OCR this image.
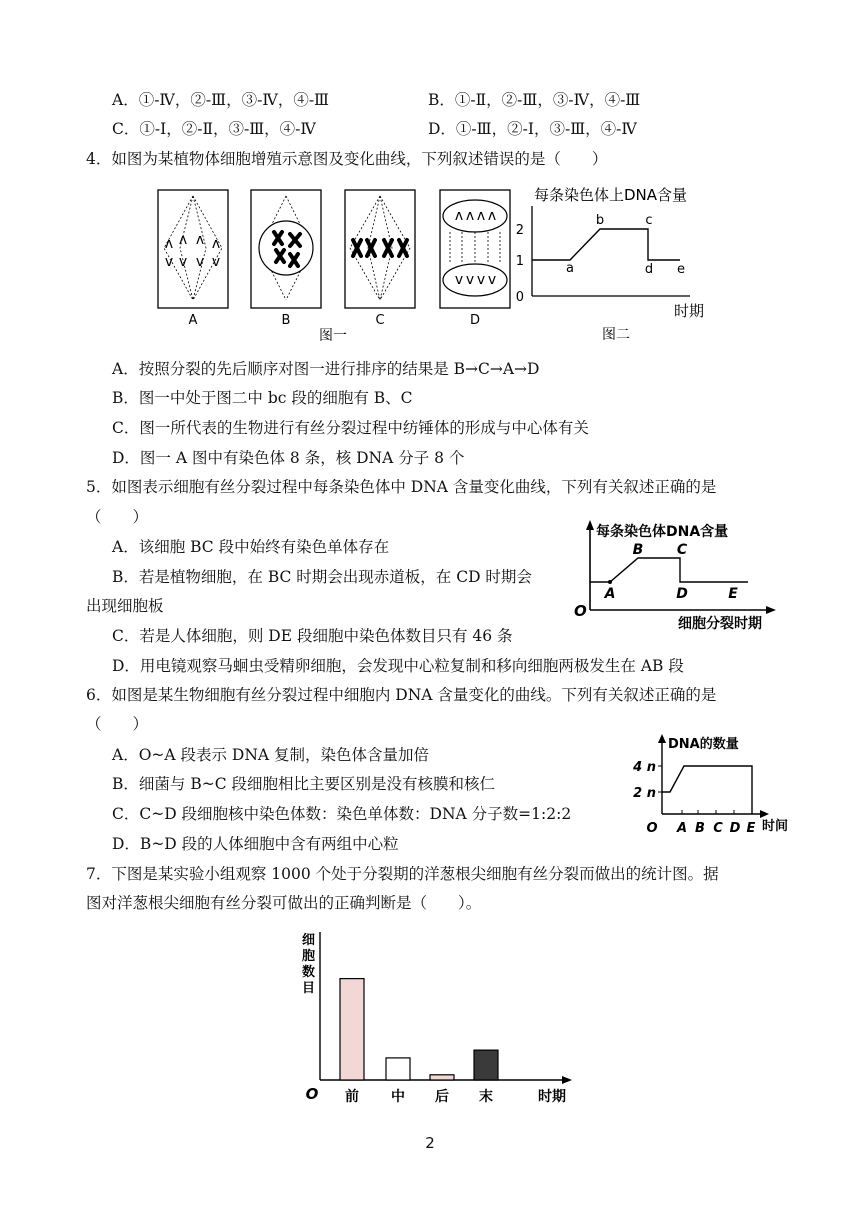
A．①-Ⅳ，②-Ⅲ，③-Ⅳ，④-Ⅲ	B．①-Ⅱ，②-Ⅲ，③-Ⅳ，④-Ⅲ
C．①-Ⅰ，②-Ⅱ，③-Ⅲ，④-Ⅳ	D．①-Ⅲ，②-Ⅰ，③-Ⅲ，④-Ⅳ
4．如图为某植物体细胞增殖示意图及变化曲线，下列叙述错误的是（　　）
ʌ ʌ ʌ ʌ
v v v v
ʌ ʌ ʌ ʌ
v v v v
A	B	C	D
图一
每条染色体上DNA含量
0
1
2
a
b	c
d e
时期
图二
A．按照分裂的先后顺序对图一进行排序的结果是 B→C→A→D
B．图一中处于图二中 bc 段的细胞有 B、C
C．图一所代表的生物进行有丝分裂过程中纺锤体的形成与中心体有关
D．图一 A 图中有染色体 8 条，核 DNA 分子 8 个
5．如图表示细胞有丝分裂过程中每条染色体中 DNA 含量变化曲线，下列有关叙述正确的是
（　　）
每条染色体DNA含量
O
A
B C
D	E
细胞分裂时期
A．该细胞 BC 段中始终有染色单体存在
B．若是植物细胞，在 BC 时期会出现赤道板，在 CD 时期会
出现细胞板
C．若是人体细胞，则 DE 段细胞中染色体数目只有 46 条
D．用电镜观察马蛔虫受精卵细胞，会发现中心粒复制和移向细胞两极发生在 AB 段
6．如图是某生物细胞有丝分裂过程中细胞内 DNA 含量变化的曲线。下列有关叙述正确的是
（　　）
DNA的数量
2 n
4 n
O A B C D E 时间
A．O~A 段表示 DNA 复制，染色体含量加倍
B．细菌与 B~C 段细胞相比主要区别是没有核膜和核仁
C．C~D 段细胞核中染色体数：染色单体数：DNA 分子数=1:2:2
D．B~D 段的人体细胞中含有两组中心粒
7．下图是某实验小组观察 1000 个处于分裂期的洋葱根尖细胞有丝分裂而做出的统计图。据
图对洋葱根尖细胞有丝分裂可做出的正确判断是（　　）。
细胞数目
O	时期
前 中 后 末
2
